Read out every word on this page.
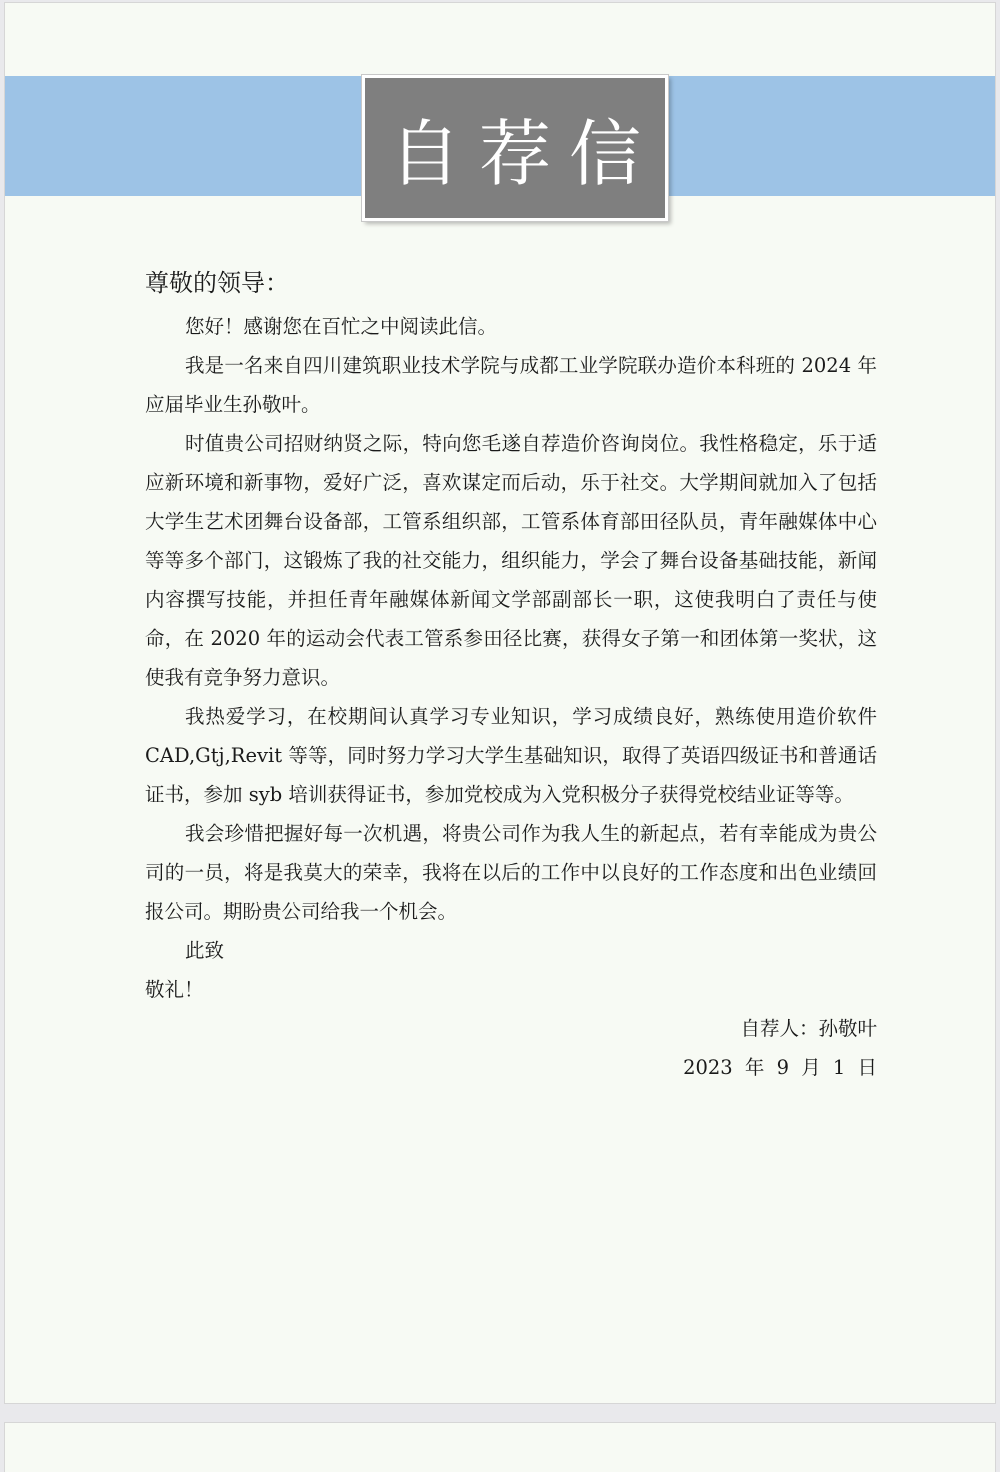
自荐信
尊敬的领导：

您好！感谢您在百忙之中阅读此信。

我是一名来自四川建筑职业技术学院与成都工业学院联办造价本科班的 2024 年应届毕业生孙敬叶。

时值贵公司招财纳贤之际，特向您毛遂自荐造价咨询岗位。我性格稳定，乐于适应新环境和新事物，爱好广泛，喜欢谋定而后动，乐于社交。大学期间就加入了包括大学生艺术团舞台设备部，工管系组织部，工管系体育部田径队员，青年融媒体中心等等多个部门，这锻炼了我的社交能力，组织能力，学会了舞台设备基础技能，新闻内容撰写技能，并担任青年融媒体新闻文学部副部长一职，这使我明白了责任与使命，在 2020 年的运动会代表工管系参田径比赛，获得女子第一和团体第一奖状，这使我有竞争努力意识。

我热爱学习，在校期间认真学习专业知识，学习成绩良好，熟练使用造价软件 CAD,Gtj,Revit 等等，同时努力学习大学生基础知识，取得了英语四级证书和普通话证书，参加 syb 培训获得证书，参加党校成为入党积极分子获得党校结业证等等。

我会珍惜把握好每一次机遇，将贵公司作为我人生的新起点，若有幸能成为贵公司的一员，将是我莫大的荣幸，我将在以后的工作中以良好的工作态度和出色业绩回报公司。期盼贵公司给我一个机会。

此致
敬礼！
自荐人：孙敬叶
2023 年 9 月 1 日
